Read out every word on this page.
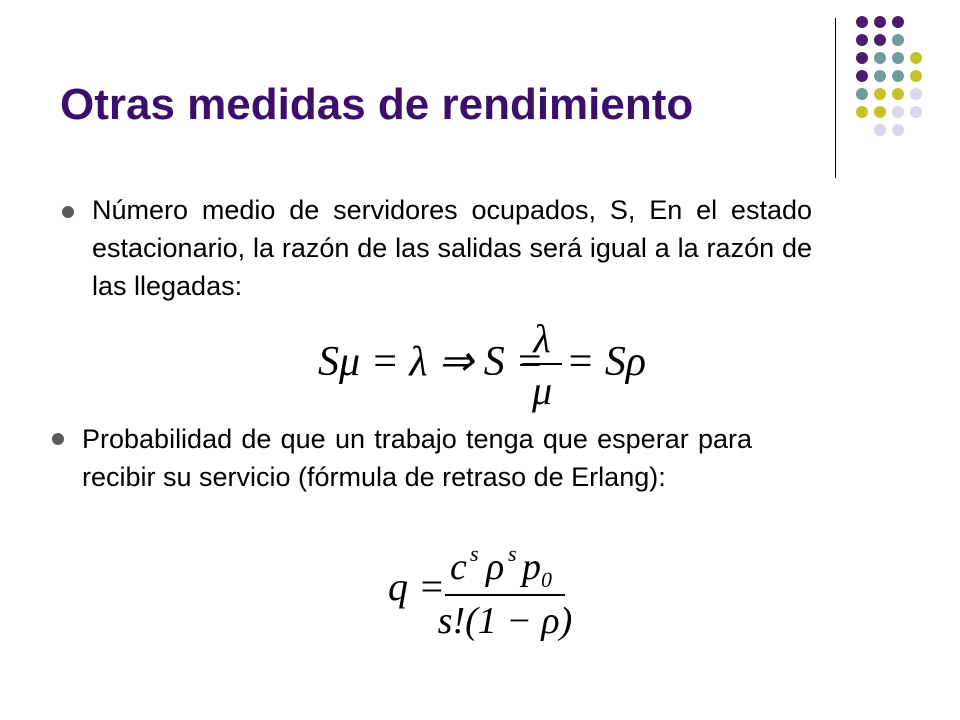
Otras medidas de rendimiento
Número medio de servidores ocupados, S, En el estado estacionario, la razón de las salidas será igual a la razón de las llegadas:
Sμ = λ ⇒ S =
λ
μ
= Sρ
Probabilidad de que un trabajo tenga que esperar para recibir su servicio (fórmula de retraso de Erlang):
q = c s ρ s p 0
s!(1 − ρ)
